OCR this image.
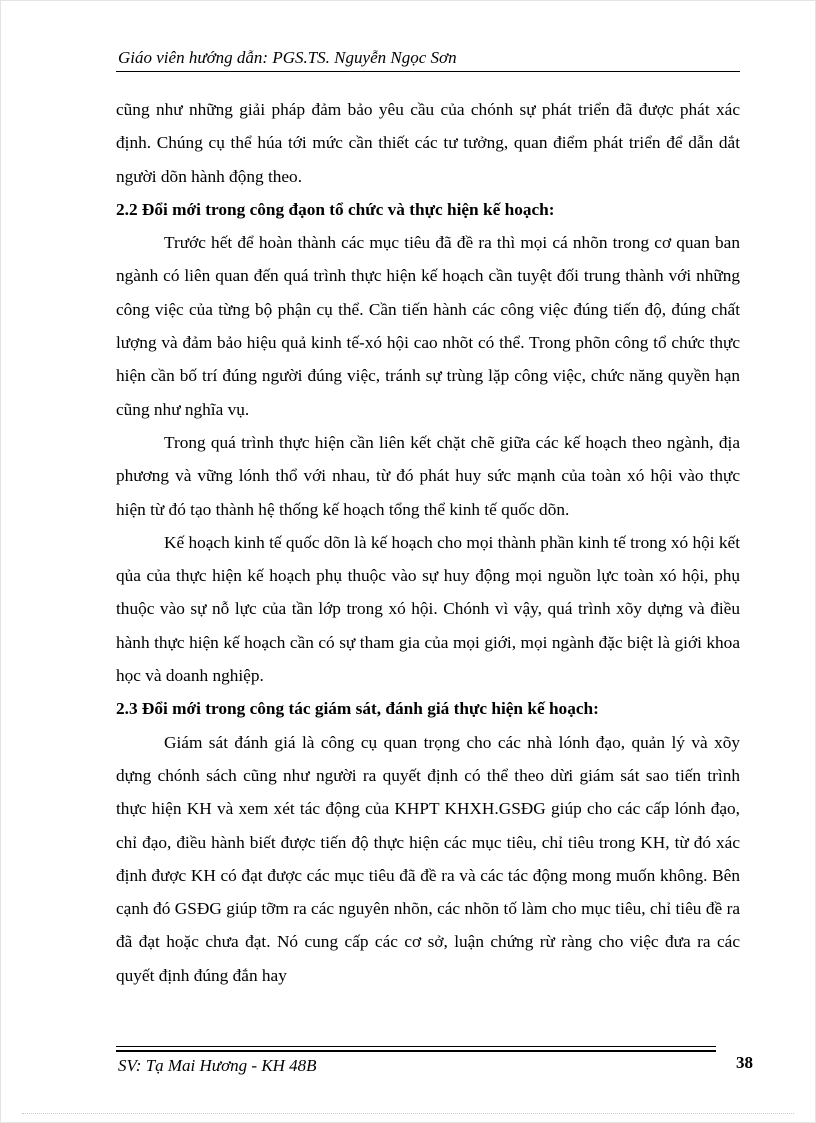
Giáo viên hướng dẫn: PGS.TS. Nguyễn Ngọc Sơn

cũng như những giải pháp đảm bảo yêu cầu của chónh sự phát triển đã được phát xác định. Chúng cụ thể húa tới mức cần thiết các tư tưởng, quan điểm phát triển để dẫn dắt người dõn hành động theo.

2.2 Đổi mới trong công đạon tổ chức và thực hiện kế hoạch:

Trước hết để hoàn thành các mục tiêu đã đề ra thì mọi cá nhõn trong cơ quan ban ngành có liên quan đến quá trình thực hiện kế hoạch cần tuyệt đối trung thành với những công việc của từng bộ phận cụ thể. Cần tiến hành các công việc đúng tiến độ, đúng chất lượng và đảm bảo hiệu quả kinh tế-xó hội cao nhõt có thể. Trong phõn công tổ chức thực hiện cần bố trí đúng người đúng việc, tránh sự trùng lặp công việc, chức năng quyền hạn cũng như nghĩa vụ.

Trong quá trình thực hiện cần liên kết chặt chẽ giữa các kế hoạch theo ngành, địa phương và vững lónh thổ với nhau, từ đó phát huy sức mạnh của toàn xó hội vào thực hiện từ đó tạo thành hệ thống kế hoạch tổng thể kinh tế quốc dõn.

Kế hoạch kinh tế quốc dõn là kế hoạch cho mọi thành phần kinh tế trong xó hội kết qủa của thực hiện kế hoạch phụ thuộc vào sự huy động mọi nguồn lực toàn xó hội, phụ thuộc vào sự nỗ lực của tần lớp trong xó hội. Chónh vì vậy, quá trình xõy dựng và điều hành thực hiện kế hoạch cần có sự tham gia của mọi giới, mọi ngành đặc biệt là giới khoa học và doanh nghiệp.

2.3 Đổi mới trong công tác giám sát, đánh giá thực hiện kế hoạch:

Giám sát đánh giá là công cụ quan trọng cho các nhà lónh đạo, quản lý và xõy dựng chónh sách cũng như người ra quyết định có thể theo dừi giám sát sao tiến trình thực hiện KH và xem xét tác động của KHPT KHXH.GSĐG giúp cho các cấp lónh đạo, chỉ đạo, điều hành biết được tiến độ thực hiện các mục tiêu, chỉ tiêu trong KH, từ đó xác định được KH có đạt được các mục tiêu đã đề ra và các tác động mong muốn không. Bên cạnh đó GSĐG giúp tỡm ra các nguyên nhõn, các nhõn tố làm cho mục tiêu, chỉ tiêu đề ra đã đạt hoặc chưa đạt. Nó cung cấp các cơ sở, luận chứng rừ ràng cho việc đưa ra các quyết định đúng đắn hay

SV: Tạ Mai Hương - KH 48B	38
